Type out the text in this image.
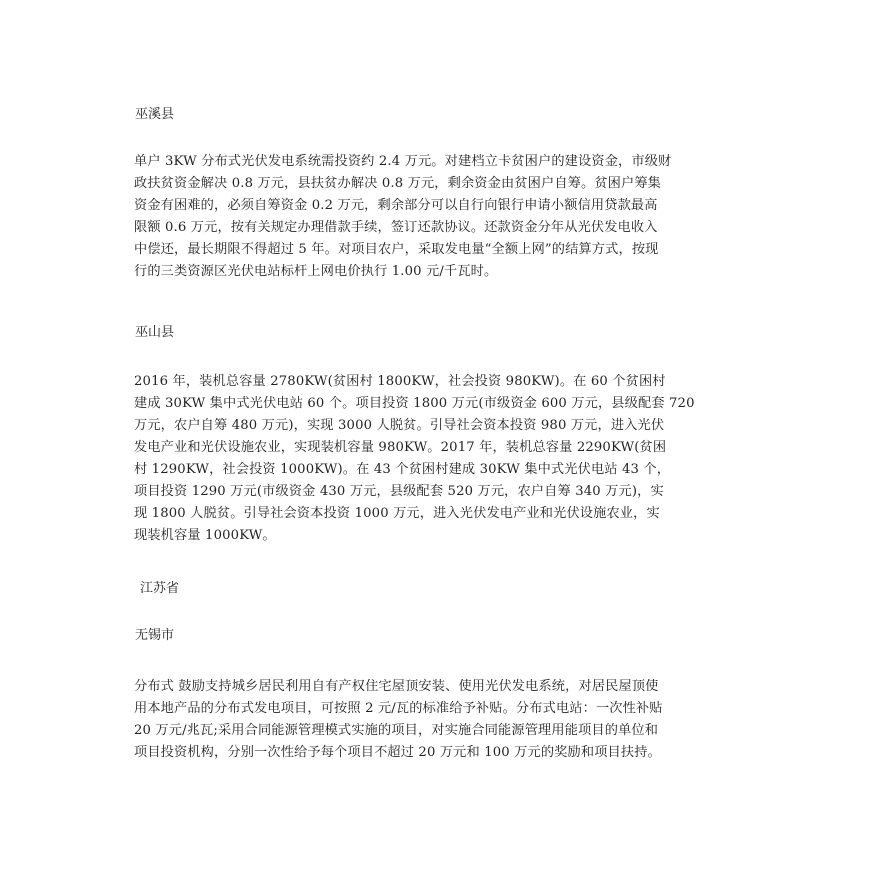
巫溪县
单户 3KW 分布式光伏发电系统需投资约 2.4 万元。对建档立卡贫困户的建设资金，市级财
政扶贫资金解决 0.8 万元，县扶贫办解决 0.8 万元，剩余资金由贫困户自筹。贫困户筹集
资金有困难的，必须自筹资金 0.2 万元，剩余部分可以自行向银行申请小额信用贷款最高
限额 0.6 万元，按有关规定办理借款手续，签订还款协议。还款资金分年从光伏发电收入
中偿还，最长期限不得超过 5 年。对项目农户，采取发电量“全额上网”的结算方式，按现
行的三类资源区光伏电站标杆上网电价执行 1.00 元/千瓦时。
巫山县
2016 年，装机总容量 2780KW(贫困村 1800KW，社会投资 980KW)。在 60 个贫困村
建成 30KW 集中式光伏电站 60 个。项目投资 1800 万元(市级资金 600 万元，县级配套 720
万元，农户自筹 480 万元)，实现 3000 人脱贫。引导社会资本投资 980 万元，进入光伏
发电产业和光伏设施农业，实现装机容量 980KW。2017 年，装机总容量 2290KW(贫困
村 1290KW，社会投资 1000KW)。在 43 个贫困村建成 30KW 集中式光伏电站 43 个，
项目投资 1290 万元(市级资金 430 万元，县级配套 520 万元，农户自筹 340 万元)，实
现 1800 人脱贫。引导社会资本投资 1000 万元，进入光伏发电产业和光伏设施农业，实
现装机容量 1000KW。
江苏省
无锡市
分布式 鼓励支持城乡居民利用自有产权住宅屋顶安装、使用光伏发电系统，对居民屋顶使
用本地产品的分布式发电项目，可按照 2 元/瓦的标准给予补贴。分布式电站：一次性补贴
20 万元/兆瓦;采用合同能源管理模式实施的项目，对实施合同能源管理用能项目的单位和
项目投资机构，分别一次性给予每个项目不超过 20 万元和 100 万元的奖励和项目扶持。
